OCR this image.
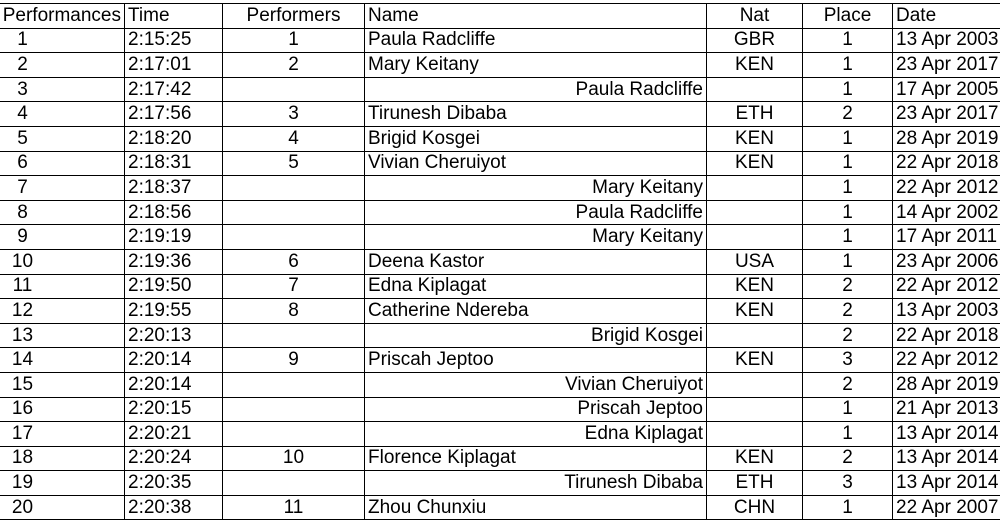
Performances	Time	Performers	Name	Nat	Place	Date
1	2:15:25	1	Paula Radcliffe	GBR	1	13 Apr 2003
2	2:17:01	2	Mary Keitany	KEN	1	23 Apr 2017
3	2:17:42		Paula Radcliffe		1	17 Apr 2005
4	2:17:56	3	Tirunesh Dibaba	ETH	2	23 Apr 2017
5	2:18:20	4	Brigid Kosgei	KEN	1	28 Apr 2019
6	2:18:31	5	Vivian Cheruiyot	KEN	1	22 Apr 2018
7	2:18:37		Mary Keitany		1	22 Apr 2012
8	2:18:56		Paula Radcliffe		1	14 Apr 2002
9	2:19:19		Mary Keitany		1	17 Apr 2011
10	2:19:36	6	Deena Kastor	USA	1	23 Apr 2006
11	2:19:50	7	Edna Kiplagat	KEN	2	22 Apr 2012
12	2:19:55	8	Catherine Ndereba	KEN	2	13 Apr 2003
13	2:20:13		Brigid Kosgei		2	22 Apr 2018
14	2:20:14	9	Priscah Jeptoo	KEN	3	22 Apr 2012
15	2:20:14		Vivian Cheruiyot		2	28 Apr 2019
16	2:20:15		Priscah Jeptoo		1	21 Apr 2013
17	2:20:21		Edna Kiplagat		1	13 Apr 2014
18	2:20:24	10	Florence Kiplagat	KEN	2	13 Apr 2014
19	2:20:35		Tirunesh Dibaba	ETH	3	13 Apr 2014
20	2:20:38	11	Zhou Chunxiu	CHN	1	22 Apr 2007
